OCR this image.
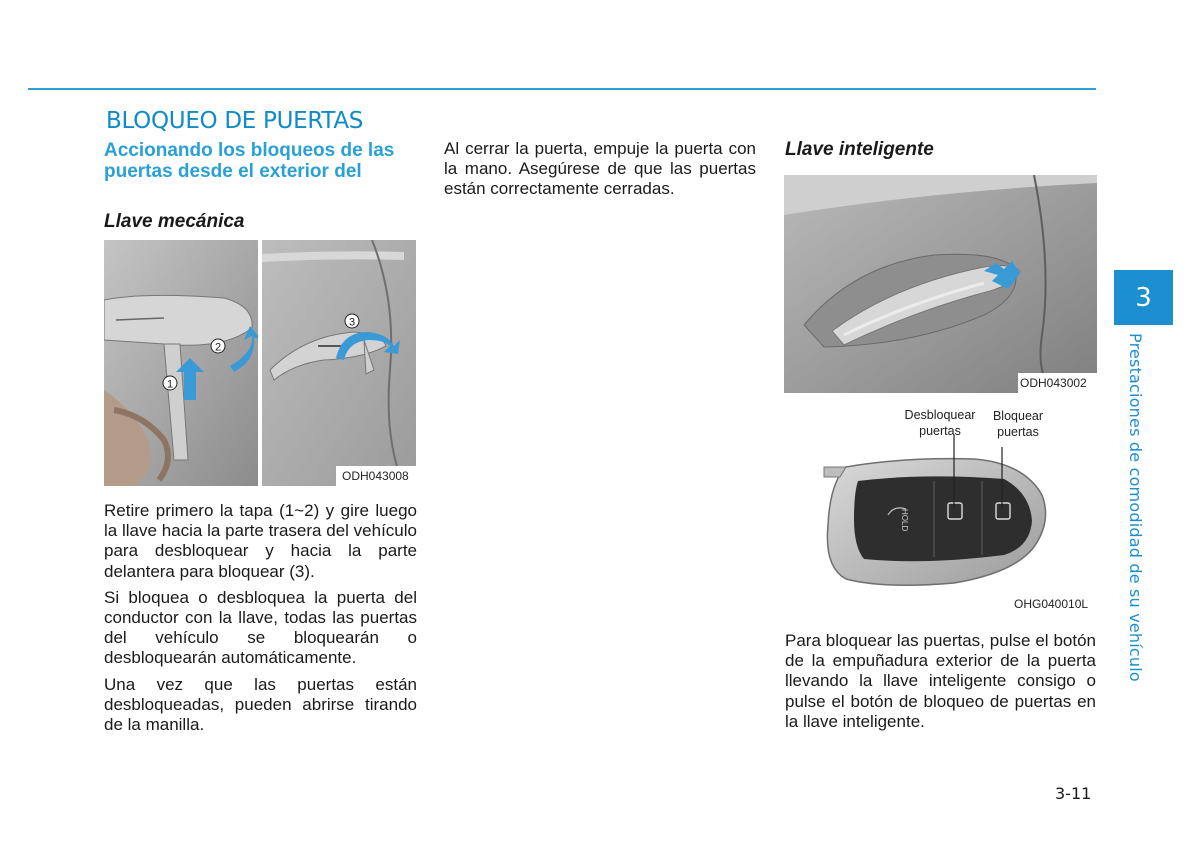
BLOQUEO DE PUERTAS
Accionando los bloqueos de las puertas desde el exterior del
Llave mecánica
1
2
3
ODH043008

Retire primero la tapa (1~2) y gire luego la llave hacia la parte trasera del vehículo para desbloquear y hacia la parte delantera para bloquear (3).

Si bloquea o desbloquea la puerta del conductor con la llave, todas las puertas del vehículo se bloquearán o desbloquearán automáticamente.

Una vez que las puertas están desbloqueadas, pueden abrirse tirando de la manilla.

Al cerrar la puerta, empuje la puerta con la mano. Asegúrese de que las puertas están correctamente cerradas.

Llave inteligente
ODH043002
HOLD
Desbloquear puertas
Bloquear puertas
OHG040010L

Para bloquear las puertas, pulse el botón de la empuñadura exterior de la puerta llevando la llave inteligente consigo o pulse el botón de bloqueo de puertas en la llave inteligente.

3
Prestaciones de comodidad de su vehículo
3-11
